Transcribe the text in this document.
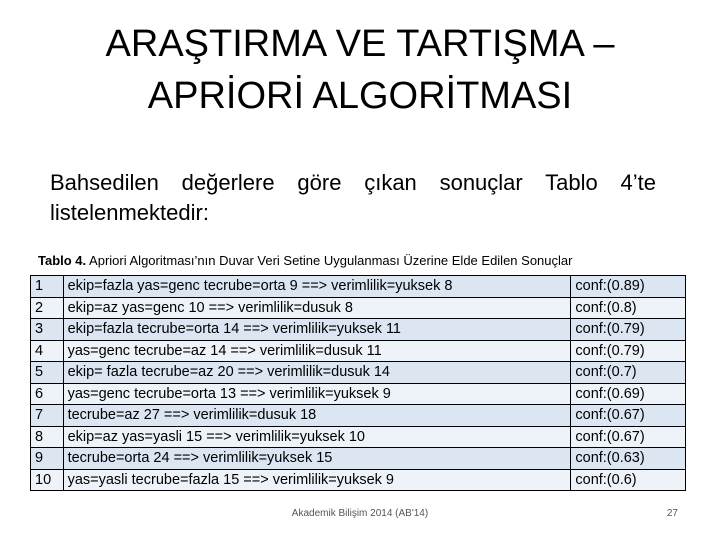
ARAŞTIRMA VE TARTIŞMA –
APRİORİ ALGORİTMASI
Bahsedilen değerlere göre çıkan sonuçlar Tablo 4’te listelenmektedir:
Tablo 4. Apriori Algoritması’nın Duvar Veri Setine Uygulanması Üzerine Elde Edilen Sonuçlar
1	ekip=fazla yas=genc tecrube=orta 9 ==> verimlilik=yuksek 8	conf:(0.89)
2	ekip=az yas=genc 10 ==> verimlilik=dusuk 8	conf:(0.8)
3	ekip=fazla tecrube=orta 14 ==> verimlilik=yuksek 11	conf:(0.79)
4	yas=genc tecrube=az 14 ==> verimlilik=dusuk 11	conf:(0.79)
5	ekip= fazla tecrube=az 20 ==> verimlilik=dusuk 14	conf:(0.7)
6	yas=genc tecrube=orta 13 ==> verimlilik=yuksek 9	conf:(0.69)
7	tecrube=az 27 ==> verimlilik=dusuk 18	conf:(0.67)
8	ekip=az yas=yasli 15 ==> verimlilik=yuksek 10	conf:(0.67)
9	tecrube=orta 24 ==> verimlilik=yuksek 15	conf:(0.63)
10	yas=yasli tecrube=fazla 15 ==> verimlilik=yuksek 9	conf:(0.6)
Akademik Bilişim 2014 (AB'14)	27
